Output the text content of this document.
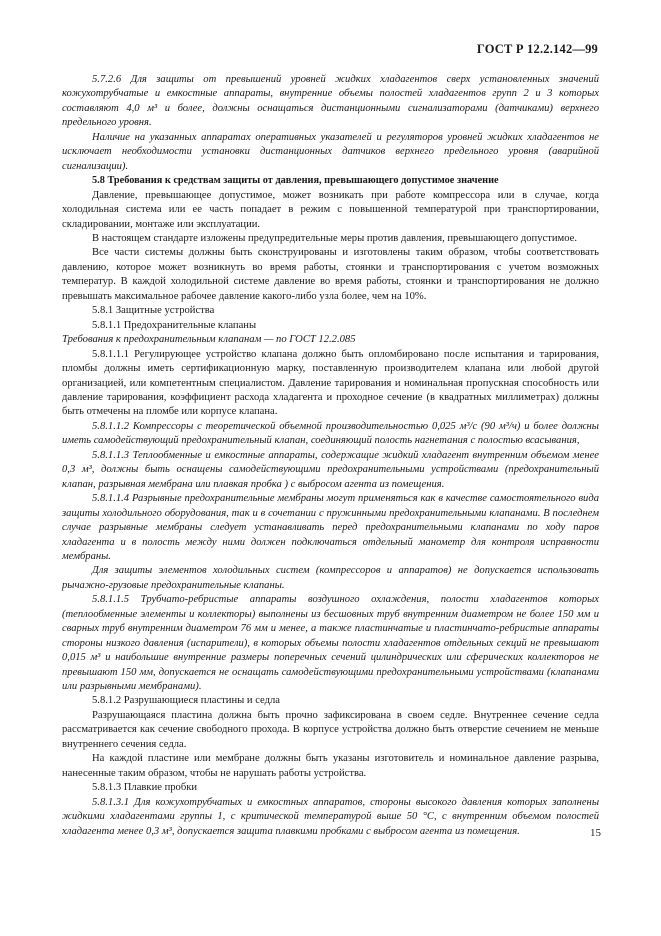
ГОСТ Р 12.2.142—99

5.7.2.6 Для защиты от превышений уровней жидких хладагентов сверх установленных значений кожухотрубчатые и емкостные аппараты, внутренние объемы полостей хладагентов групп 2 и 3 которых составляют 4,0 м³ и более, должны оснащаться дистанционными сигнализаторами (датчиками) верхнего предельного уровня.

Наличие на указанных аппаратах оперативных указателей и регуляторов уровней жидких хладагентов не исключает необходимости установки дистанционных датчиков верхнего предельного уровня (аварийной сигнализации).

5.8 Требования к средствам защиты от давления, превышающего допустимое значение

Давление, превышающее допустимое, может возникать при работе компрессора или в случае, когда холодильная система или ее часть попадает в режим с повышенной температурой при транспортировании, складировании, монтаже или эксплуатации.

В настоящем стандарте изложены предупредительные меры против давления, превышающего допустимое.

Все части системы должны быть сконструированы и изготовлены таким образом, чтобы соответствовать давлению, которое может возникнуть во время работы, стоянки и транспортирования с учетом возможных температур. В каждой холодильной системе давление во время работы, стоянки и транспортирования не должно превышать максимальное рабочее давление какого-либо узла более, чем на 10%.

5.8.1 Защитные устройства

5.8.1.1 Предохранительные клапаны

Требования к предохранительным клапанам — по ГОСТ 12.2.085

5.8.1.1.1 Регулирующее устройство клапана должно быть опломбировано после испытания и тарирования, пломбы должны иметь сертификационную марку, поставленную производителем клапана или любой другой организацией, или компетентным специалистом. Давление тарирования и номинальная пропускная способность или давление тарирования, коэффициент расхода хладагента и проходное сечение (в квадратных миллиметрах) должны быть отмечены на пломбе или корпусе клапана.

5.8.1.1.2 Компрессоры с теоретической объемной производительностью 0,025 м³/с (90 м³/ч) и более должны иметь самодействующий предохранительный клапан, соединяющий полость нагнетания с полостью всасывания,

5.8.1.1.3 Теплообменные и емкостные аппараты, содержащие жидкий хладагент внутренним объемом менее 0,3 м³, должны быть оснащены самодействующими предохранительными устройствами (предохранительный клапан, разрывная мембрана или плавкая пробка ) с выбросом агента из помещения.

5.8.1.1.4 Разрывные предохранительные мембраны могут применяться как в качестве самостоятельного вида защиты холодильного оборудования, так и в сочетании с пружинными предохранительными клапанами. В последнем случае разрывные мембраны следует устанавливать перед предохранительными клапанами по ходу паров хладагента и в полость между ними должен подключаться отдельный манометр для контроля исправности мембраны.

Для защиты элементов холодильных систем (компрессоров и аппаратов) не допускается использовать рычажно-грузовые предохранительные клапаны.

5.8.1.1.5 Трубчато-ребристые аппараты воздушного охлаждения, полости хладагентов которых (теплообменные элементы и коллекторы) выполнены из бесшовных труб внутренним диаметром не более 150 мм и сварных труб внутренним диаметром 76 мм и менее, а также пластинчатые и пластинчато-ребристые аппараты стороны низкого давления (испарители), в которых объемы полости хладагентов отдельных секций не превышают 0,015 м³ и наибольшие внутренние размеры поперечных сечений цилиндрических или сферических коллекторов не превышают 150 мм, допускается не оснащать самодействующими предохранительными устройствами (клапанами или разрывными мембранами).

5.8.1.2 Разрушающиеся пластины и седла

Разрушающаяся пластина должна быть прочно зафиксирована в своем седле. Внутреннее сечение седла рассматривается как сечение свободного прохода. В корпусе устройства должно быть отверстие сечением не меньше внутреннего сечения седла.

На каждой пластине или мембране должны быть указаны изготовитель и номинальное давление разрыва, нанесенные таким образом, чтобы не нарушать работы устройства.

5.8.1.3 Плавкие пробки

5.8.1.3.1 Для кожухотрубчатых и емкостных аппаратов, стороны высокого давления которых заполнены жидкими хладагентами группы 1, с критической температурой выше 50 °С, с внутренним объемом полостей хладагента менее 0,3 м³, допускается защита плавкими пробками с выбросом агента из помещения.	15
